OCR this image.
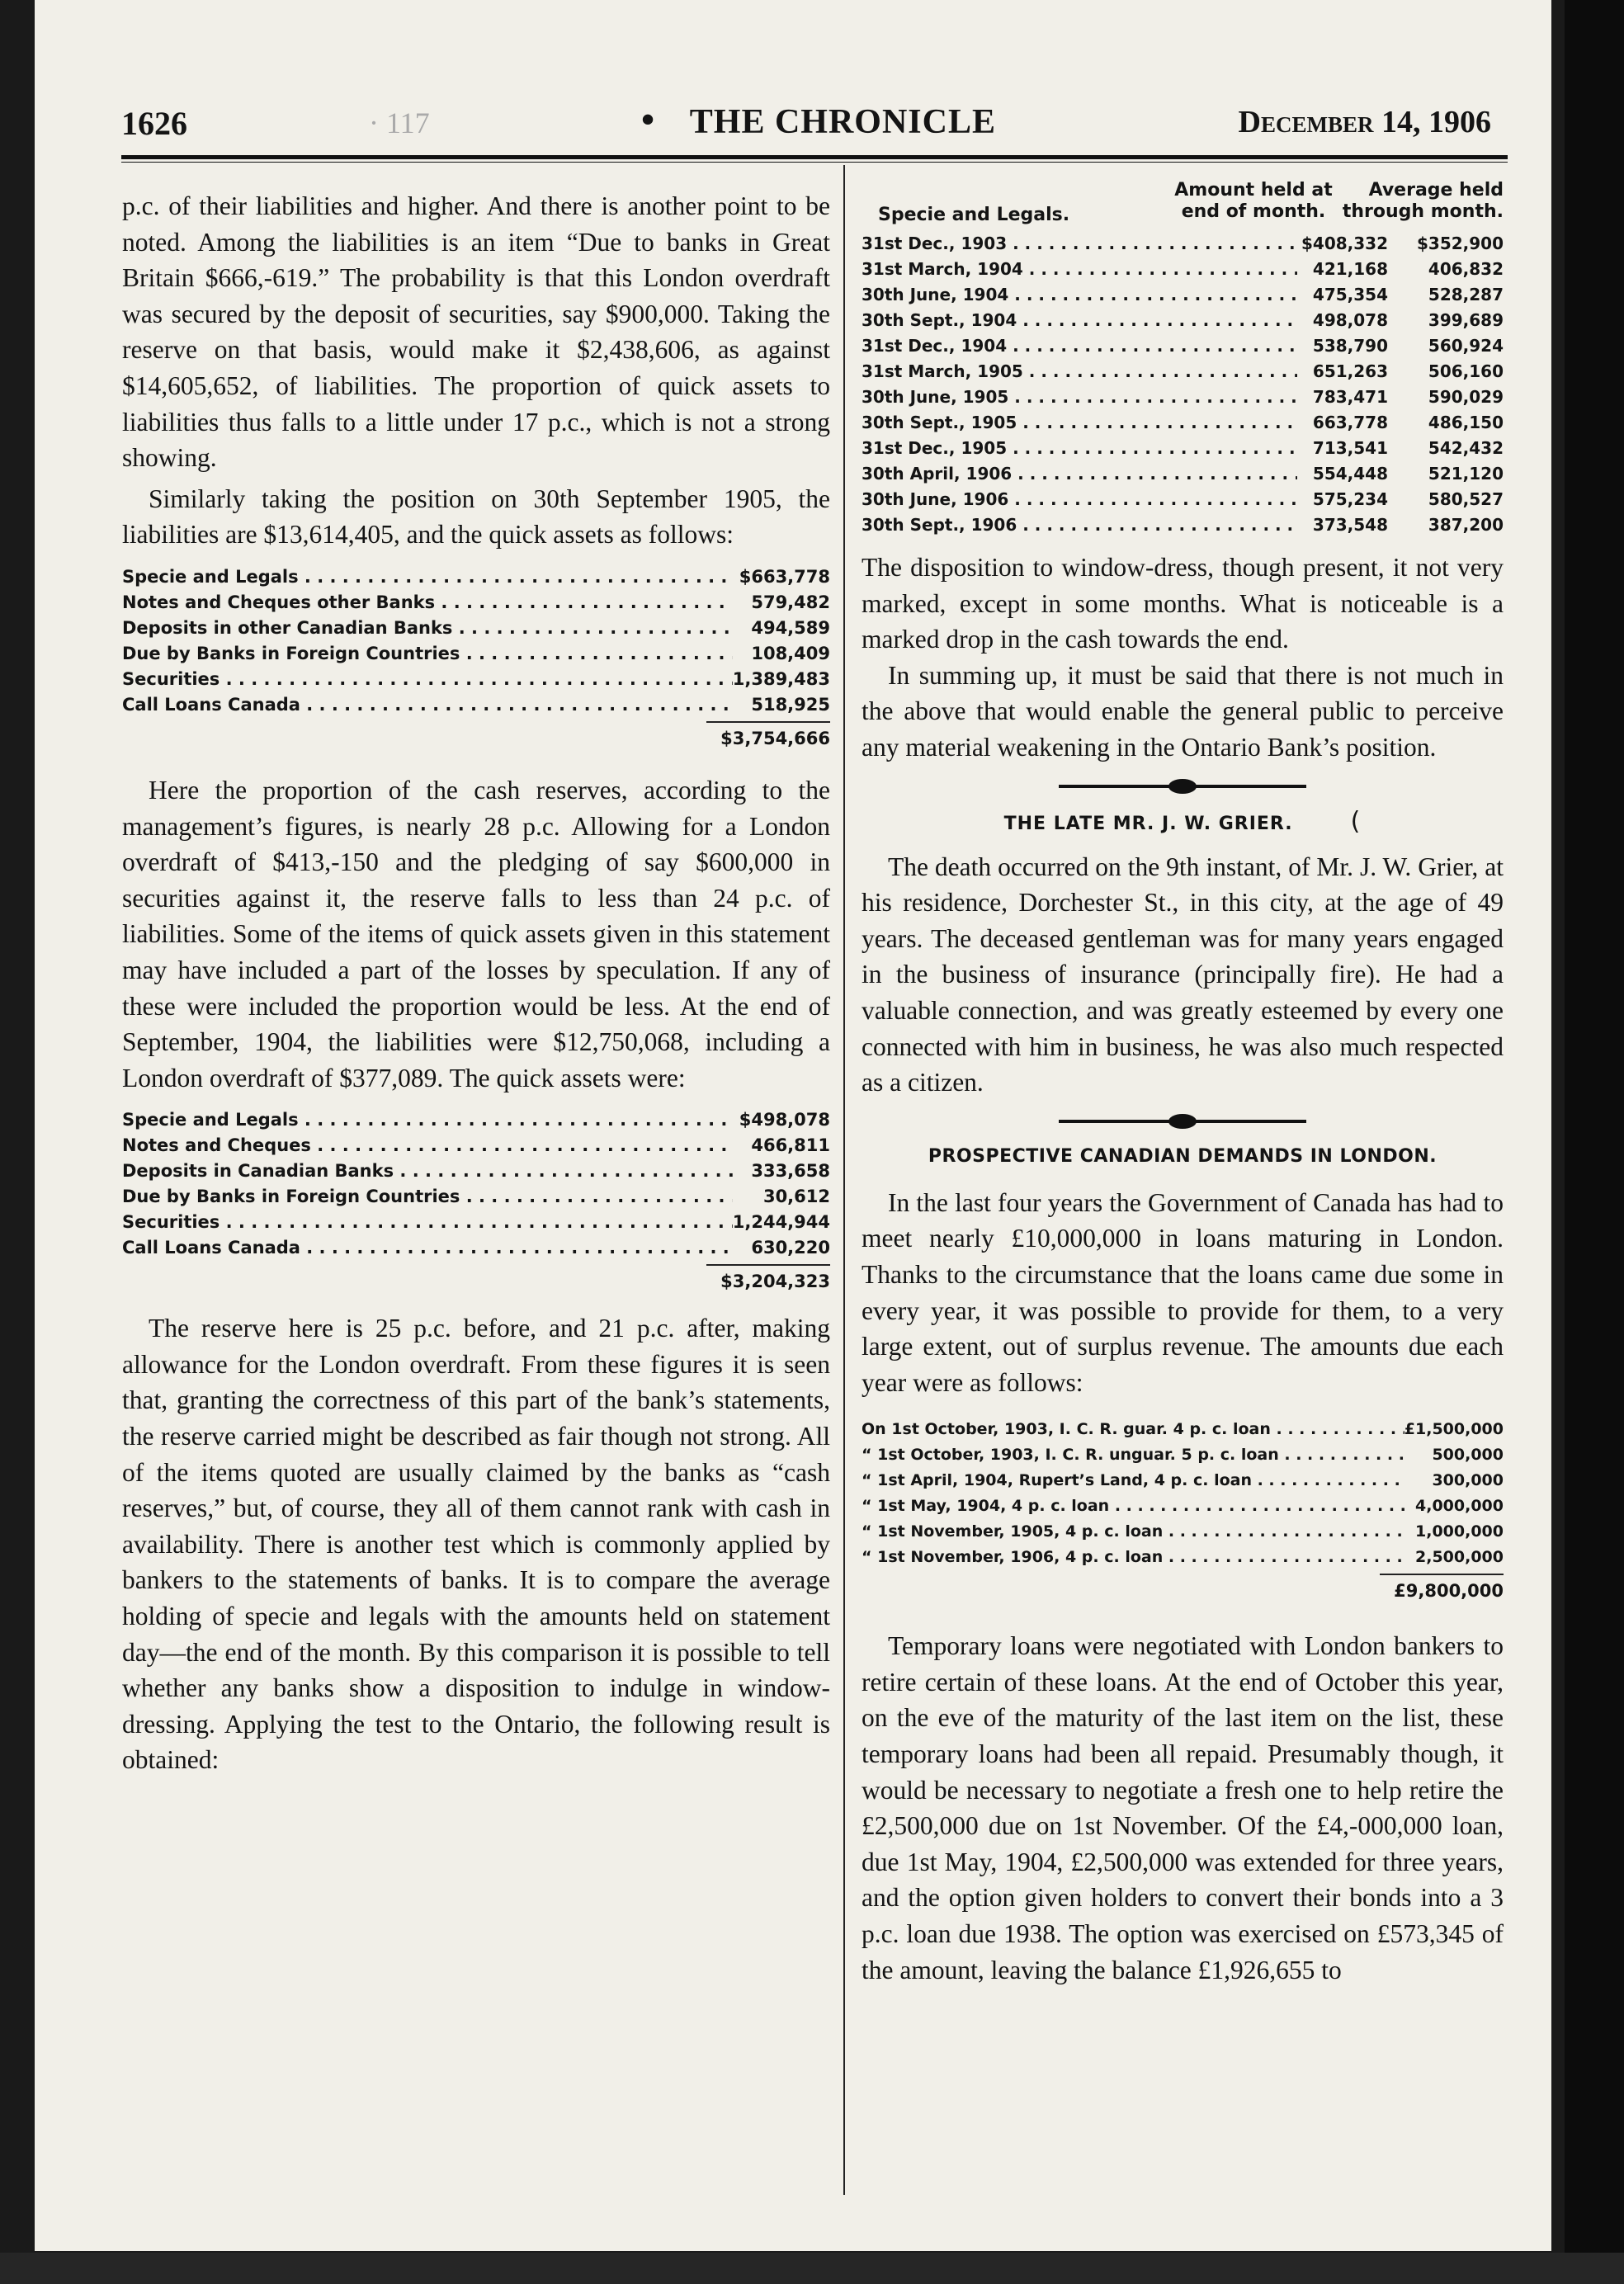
1626	· 117	•	THE CHRONICLE	December 14, 1906

p.c. of their liabilities and higher. And there is another point to be noted. Among the liabilities is an item “Due to banks in Great Britain $666,-619.” The probability is that this London overdraft was secured by the deposit of securities, say $900,000. Taking the reserve on that basis, would make it $2,438,606, as against $14,605,652, of liabilities. The proportion of quick assets to liabilities thus falls to a little under 17 p.c., which is not a strong showing.

Similarly taking the position on 30th September 1905, the liabilities are $13,614,405, and the quick assets as follows:

Specie and Legals . . .	$663,778
Notes and Cheques other Banks . . .	579,482
Deposits in other Canadian Banks . . .	494,589
Due by Banks in Foreign Countries . . .	108,409
Securities . . .	1,389,483
Call Loans Canada . . .	518,925
$3,754,666

Here the proportion of the cash reserves, according to the management’s figures, is nearly 28 p.c. Allowing for a London overdraft of $413,-150 and the pledging of say $600,000 in securities against it, the reserve falls to less than 24 p.c. of liabilities. Some of the items of quick assets given in this statement may have included a part of the losses by speculation. If any of these were included the proportion would be less. At the end of September, 1904, the liabilities were $12,750,068, including a London overdraft of $377,089. The quick assets were:

Specie and Legals . . .	$498,078
Notes and Cheques . . .	466,811
Deposits in Canadian Banks . . .	333,658
Due by Banks in Foreign Countries . . .	30,612
Securities . . .	1,244,944
Call Loans Canada . . .	630,220
$3,204,323

The reserve here is 25 p.c. before, and 21 p.c. after, making allowance for the London overdraft. From these figures it is seen that, granting the correctness of this part of the bank’s statements, the reserve carried might be described as fair though not strong. All of the items quoted are usually claimed by the banks as “cash reserves,” but, of course, they all of them cannot rank with cash in availability. There is another test which is commonly applied by bankers to the statements of banks. It is to compare the average holding of specie and legals with the amounts held on statement day—the end of the month. By this comparison it is possible to tell whether any banks show a disposition to indulge in window-dressing. Applying the test to the Ontario, the following result is obtained:

Specie and Legals.
Amount held at
end of month.
Average held
through month.
31st Dec., 1903 . . .	$408,332	$352,900
31st March, 1904 . . .	421,168	406,832
30th June, 1904 . . .	475,354	528,287
30th Sept., 1904 . . .	498,078	399,689
31st Dec., 1904 . . .	538,790	560,924
31st March, 1905 . . .	651,263	506,160
30th June, 1905 . . .	783,471	590,029
30th Sept., 1905 . . .	663,778	486,150
31st Dec., 1905 . . .	713,541	542,432
30th April, 1906 . . .	554,448	521,120
30th June, 1906 . . .	575,234	580,527
30th Sept., 1906 . . .	373,548	387,200

The disposition to window-dress, though present, it not very marked, except in some months. What is noticeable is a marked drop in the cash towards the end.

In summing up, it must be said that there is not much in the above that would enable the general public to perceive any material weakening in the Ontario Bank’s position.

THE LATE MR. J. W. GRIER. (

The death occurred on the 9th instant, of Mr. J. W. Grier, at his residence, Dorchester St., in this city, at the age of 49 years. The deceased gentleman was for many years engaged in the business of insurance (principally fire). He had a valuable connection, and was greatly esteemed by every one connected with him in business, he was also much respected as a citizen.

PROSPECTIVE CANADIAN DEMANDS IN LONDON.

In the last four years the Government of Canada has had to meet nearly £10,000,000 in loans maturing in London. Thanks to the circumstance that the loans came due some in every year, it was possible to provide for them, to a very large extent, out of surplus revenue. The amounts due each year were as follows:

On 1st October, 1903, I. C. R. guar. 4 p. c. loan . . .	£1,500,000
“ 1st October, 1903, I. C. R. unguar. 5 p. c. loan . . .	500,000
“ 1st April, 1904, Rupert’s Land, 4 p. c. loan . . .	300,000
“ 1st May, 1904, 4 p. c. loan . . .	4,000,000
“ 1st November, 1905, 4 p. c. loan . . .	1,000,000
“ 1st November, 1906, 4 p. c. loan . . .	2,500,000
£9,800,000

Temporary loans were negotiated with London bankers to retire certain of these loans. At the end of October this year, on the eve of the maturity of the last item on the list, these temporary loans had been all repaid. Presumably though, it would be necessary to negotiate a fresh one to help retire the £2,500,000 due on 1st November. Of the £4,-000,000 loan, due 1st May, 1904, £2,500,000 was extended for three years, and the option given holders to convert their bonds into a 3 p.c. loan due 1938. The option was exercised on £573,345 of the amount, leaving the balance £1,926,655 to
